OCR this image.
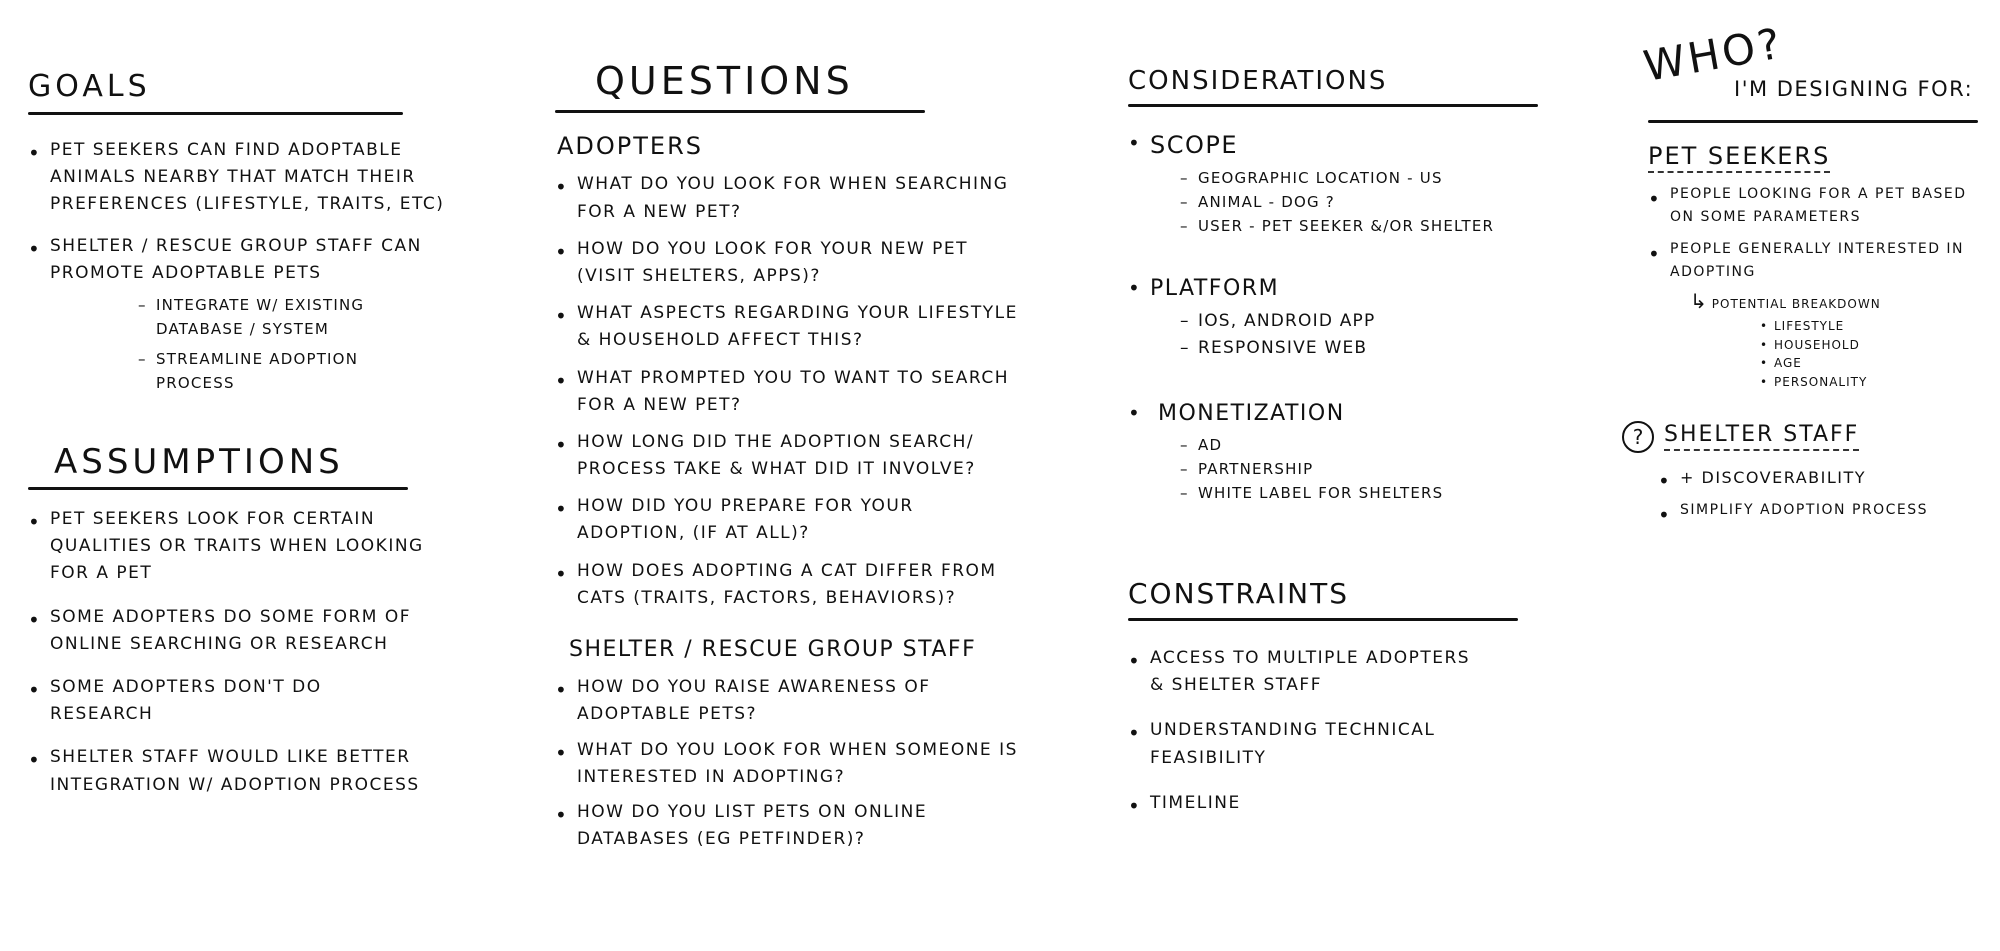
GOALS
• PET SEEKERS CAN FIND ADOPTABLE ANIMALS NEARBY THAT MATCH THEIR PREFERENCES (LIFESTYLE, TRAITS, ETC)
• SHELTER / RESCUE GROUP STAFF CAN PROMOTE ADOPTABLE PETS
– INTEGRATE W/ EXISTING DATABASE / SYSTEM
– STREAMLINE ADOPTION PROCESS
ASSUMPTIONS
• PET SEEKERS LOOK FOR CERTAIN QUALITIES OR TRAITS WHEN LOOKING FOR A PET
• SOME ADOPTERS DO SOME FORM OF ONLINE SEARCHING OR RESEARCH
• SOME ADOPTERS DON'T DO RESEARCH
• SHELTER STAFF WOULD LIKE BETTER INTEGRATION W/ ADOPTION PROCESS
QUESTIONS
ADOPTERS
• WHAT DO YOU LOOK FOR WHEN SEARCHING FOR A NEW PET?
• HOW DO YOU LOOK FOR YOUR NEW PET (VISIT SHELTERS, APPS)?
• WHAT ASPECTS REGARDING YOUR LIFESTYLE & HOUSEHOLD AFFECT THIS?
• WHAT PROMPTED YOU TO WANT TO SEARCH FOR A NEW PET?
• HOW LONG DID THE ADOPTION SEARCH/ PROCESS TAKE & WHAT DID IT INVOLVE?
• HOW DID YOU PREPARE FOR YOUR ADOPTION, (IF AT ALL)?
• HOW DOES ADOPTING A CAT DIFFER FROM CATS (TRAITS, FACTORS, BEHAVIORS)?
SHELTER / RESCUE GROUP STAFF
• HOW DO YOU RAISE AWARENESS OF ADOPTABLE PETS?
• WHAT DO YOU LOOK FOR WHEN SOMEONE IS INTERESTED IN ADOPTING?
• HOW DO YOU LIST PETS ON ONLINE DATABASES (EG PETFINDER)?
CONSIDERATIONS
• SCOPE
– GEOGRAPHIC LOCATION - US
– ANIMAL - DOG ?
– USER - PET SEEKER &/OR SHELTER
• PLATFORM
– IOS, ANDROID APP
– RESPONSIVE WEB
• MONETIZATION
– AD
– PARTNERSHIP
– WHITE LABEL FOR SHELTERS
CONSTRAINTS
• ACCESS TO MULTIPLE ADOPTERS & SHELTER STAFF
• UNDERSTANDING TECHNICAL FEASIBILITY
• TIMELINE
WHO?
I'M DESIGNING FOR:
PET SEEKERS
• PEOPLE LOOKING FOR A PET BASED ON SOME PARAMETERS
• PEOPLE GENERALLY INTERESTED IN ADOPTING
↳ POTENTIAL BREAKDOWN
• LIFESTYLE
• HOUSEHOLD
• AGE
• PERSONALITY
? SHELTER STAFF
• + DISCOVERABILITY
• SIMPLIFY ADOPTION PROCESS
